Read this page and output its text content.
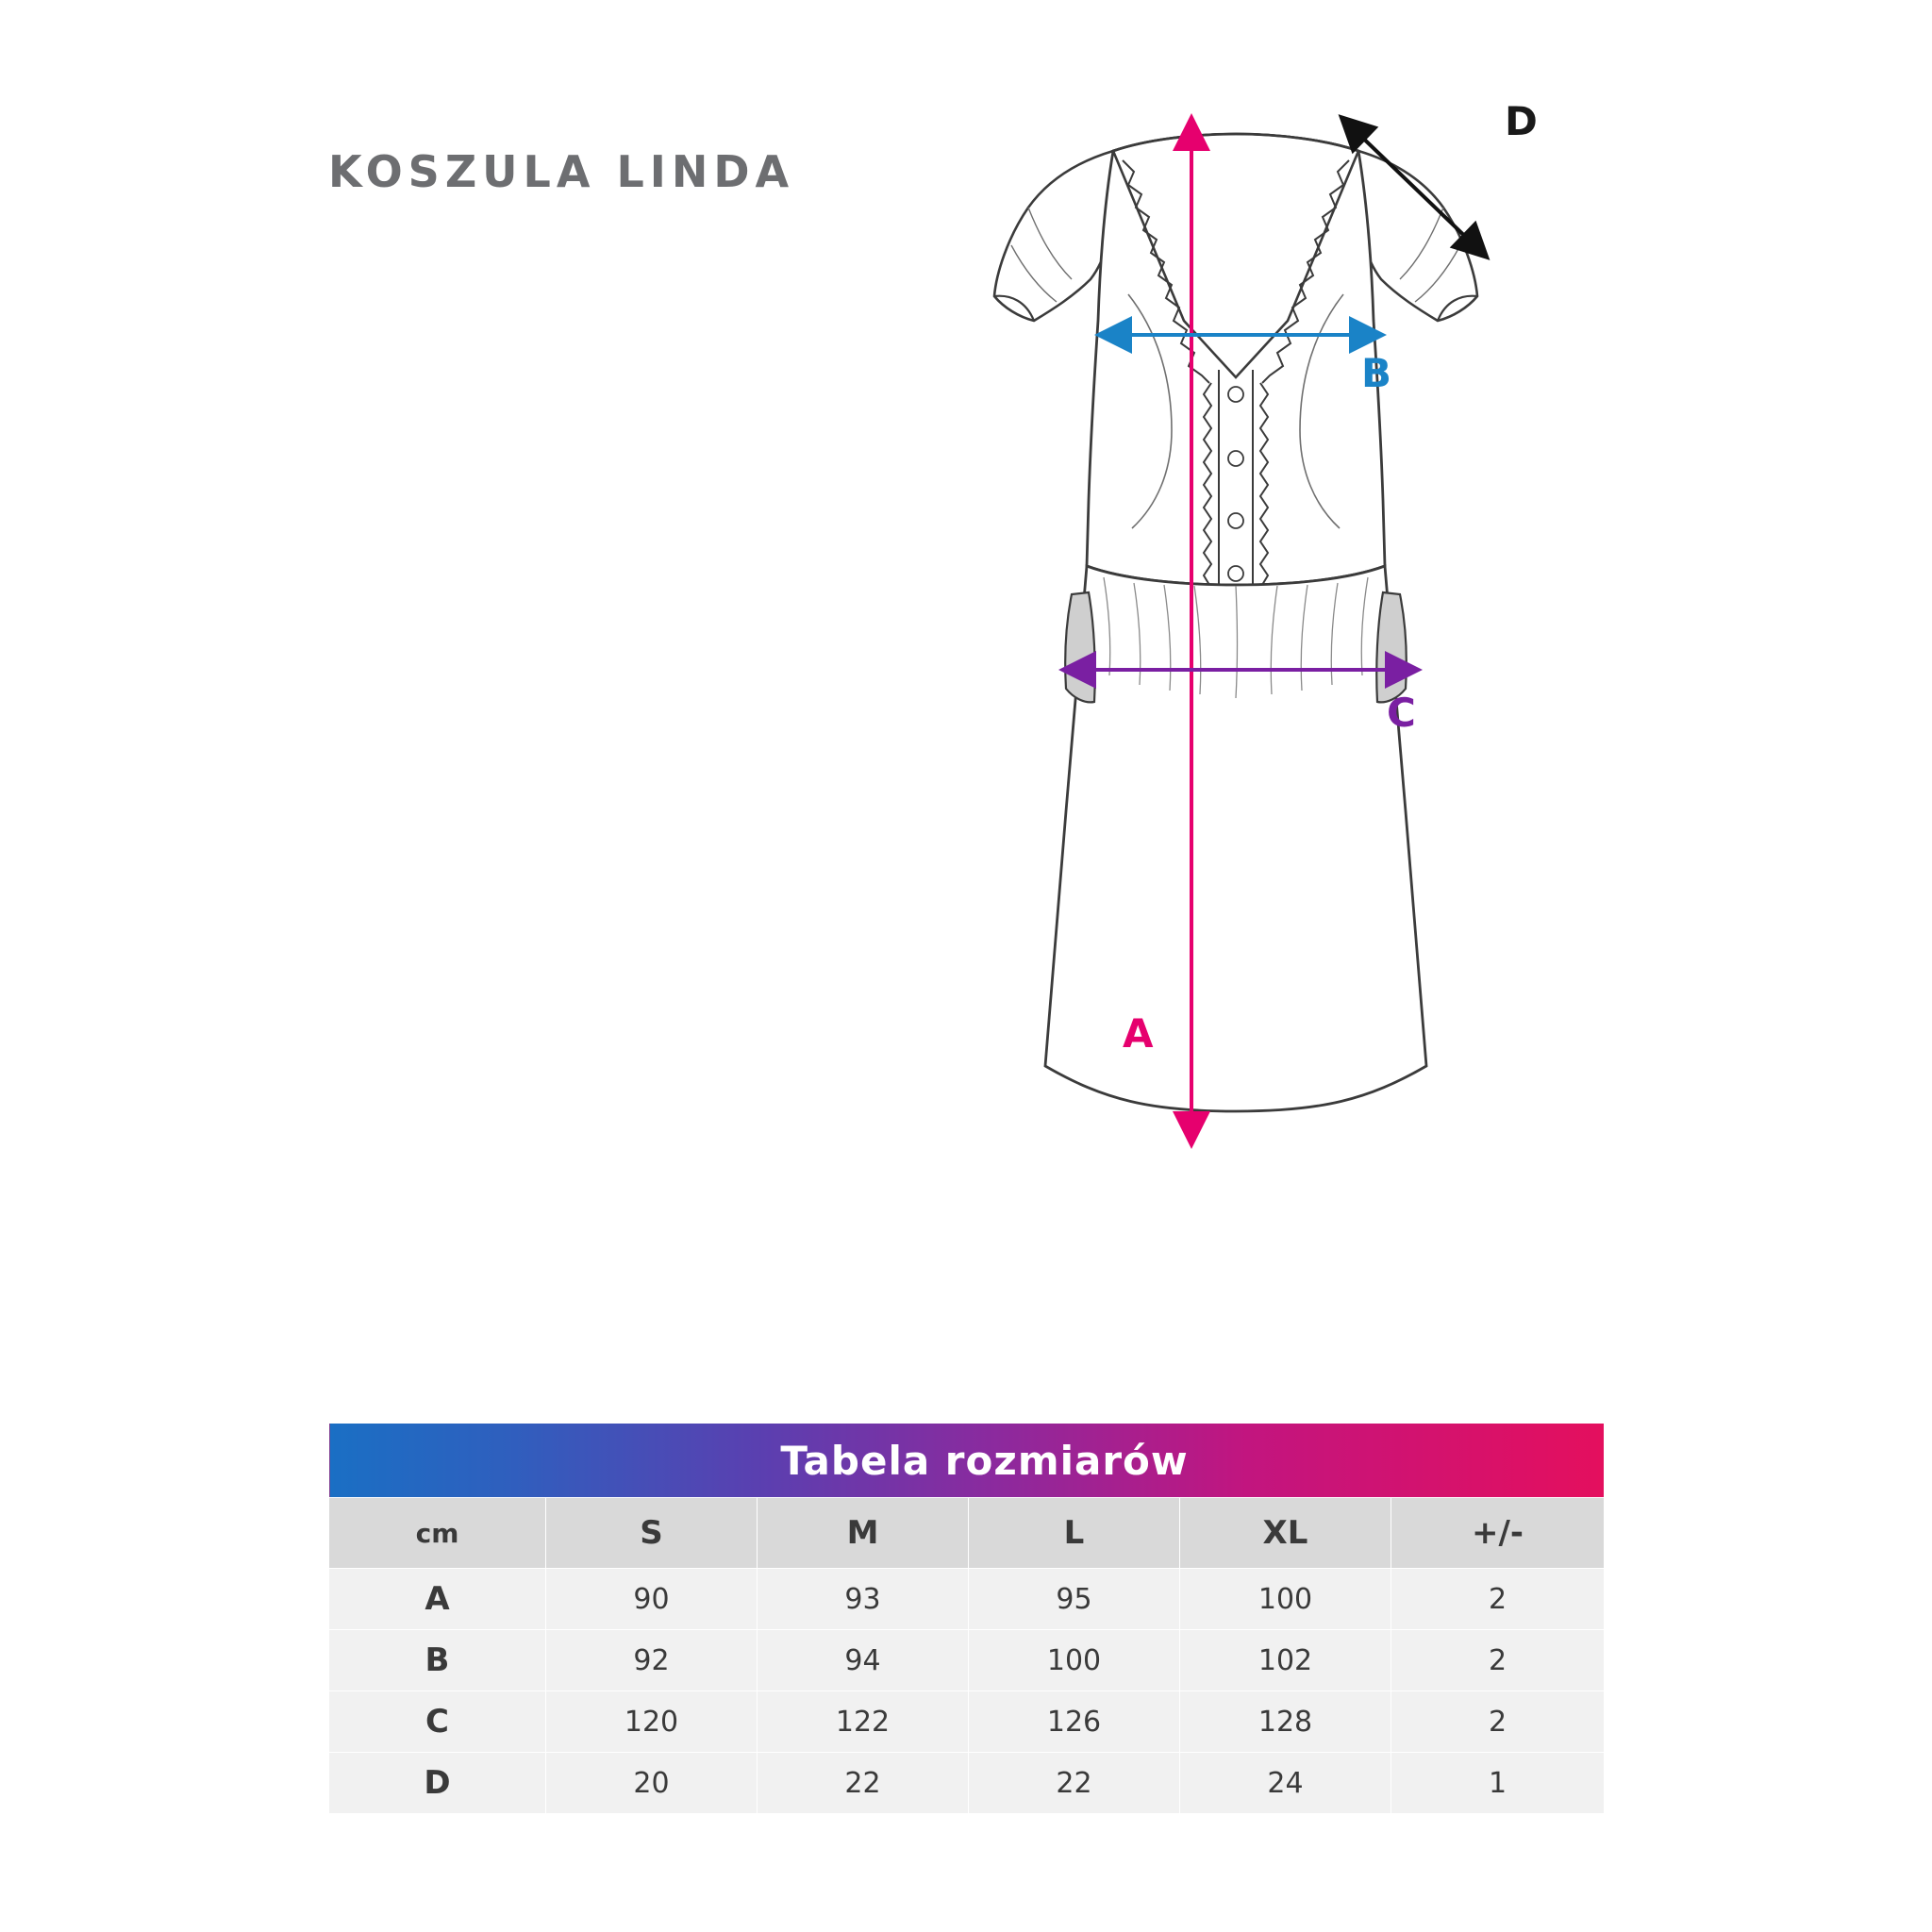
KOSZULA LINDA
A
B
C
D
Tabela rozmiarów					

cm	S	M	L	XL	+/-
A	90	93	95	100	2
B	92	94	100	102	2
C	120	122	126	128	2
D	20	22	22	24	1
